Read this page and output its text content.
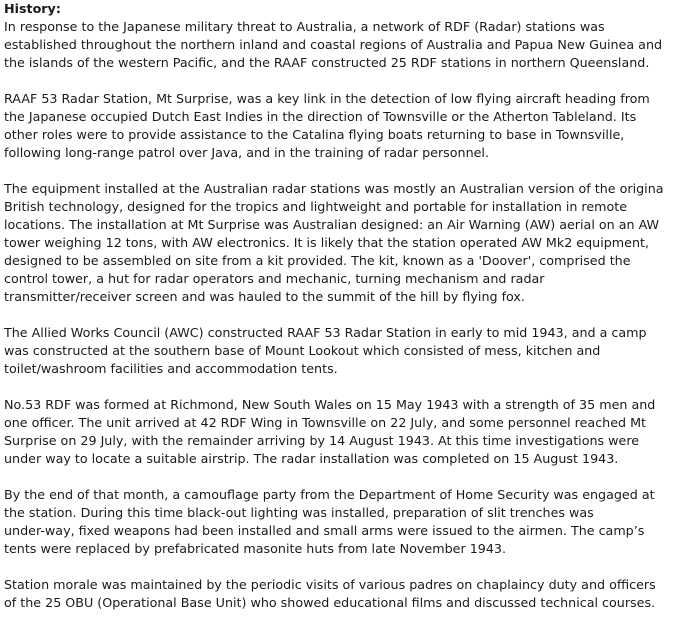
History:
In response to the Japanese military threat to Australia, a network of RDF (Radar) stations was
established throughout the northern inland and coastal regions of Australia and Papua New Guinea and
the islands of the western Pacific, and the RAAF constructed 25 RDF stations in northern Queensland.
RAAF 53 Radar Station, Mt Surprise, was a key link in the detection of low flying aircraft heading from
the Japanese occupied Dutch East Indies in the direction of Townsville or the Atherton Tableland. Its
other roles were to provide assistance to the Catalina flying boats returning to base in Townsville,
following long-range patrol over Java, and in the training of radar personnel.
The equipment installed at the Australian radar stations was mostly an Australian version of the origina
British technology, designed for the tropics and lightweight and portable for installation in remote
locations. The installation at Mt Surprise was Australian designed: an Air Warning (AW) aerial on an AW
tower weighing 12 tons, with AW electronics. It is likely that the station operated AW Mk2 equipment,
designed to be assembled on site from a kit provided. The kit, known as a 'Doover', comprised the
control tower, a hut for radar operators and mechanic, turning mechanism and radar
transmitter/receiver screen and was hauled to the summit of the hill by flying fox.
The Allied Works Council (AWC) constructed RAAF 53 Radar Station in early to mid 1943, and a camp
was constructed at the southern base of Mount Lookout which consisted of mess, kitchen and
toilet/washroom facilities and accommodation tents.
No.53 RDF was formed at Richmond, New South Wales on 15 May 1943 with a strength of 35 men and
one officer. The unit arrived at 42 RDF Wing in Townsville on 22 July, and some personnel reached Mt
Surprise on 29 July, with the remainder arriving by 14 August 1943. At this time investigations were
under way to locate a suitable airstrip. The radar installation was completed on 15 August 1943.
By the end of that month, a camouflage party from the Department of Home Security was engaged at
the station. During this time black-out lighting was installed, preparation of slit trenches was
under-way, fixed weapons had been installed and small arms were issued to the airmen. The camp’s
tents were replaced by prefabricated masonite huts from late November 1943.
Station morale was maintained by the periodic visits of various padres on chaplaincy duty and officers
of the 25 OBU (Operational Base Unit) who showed educational films and discussed technical courses.
